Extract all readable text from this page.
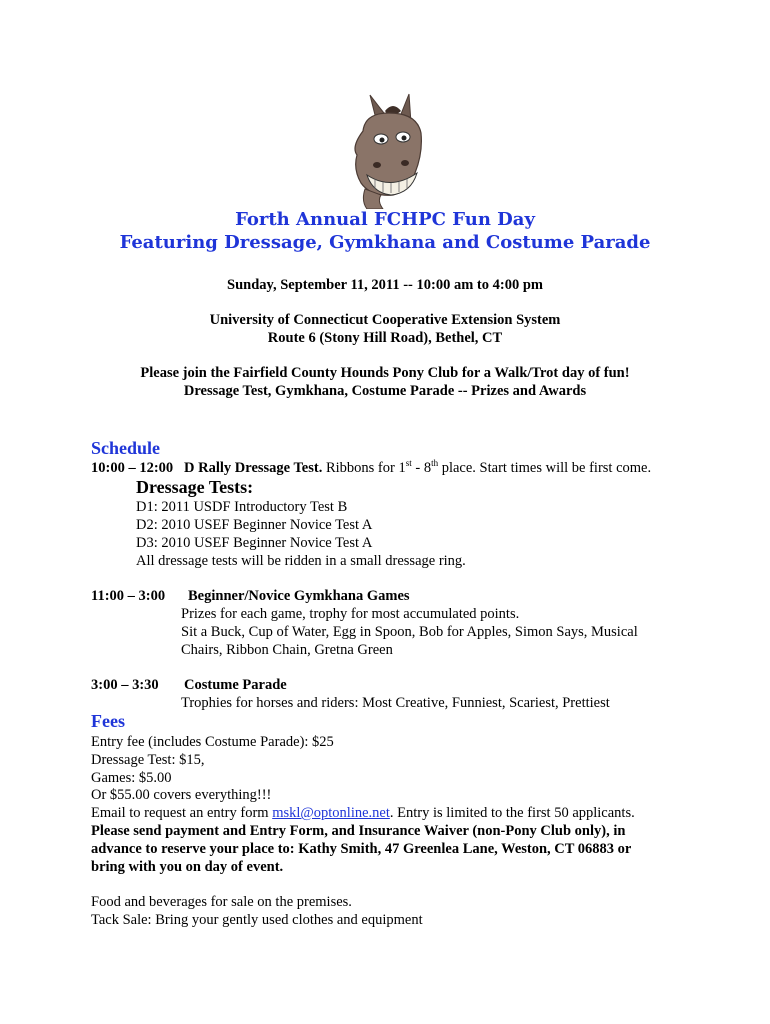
Forth Annual FCHPC Fun Day
Featuring Dressage, Gymkhana and Costume Parade
Sunday, September 11, 2011 -- 10:00 am to 4:00 pm
University of Connecticut Cooperative Extension System
Route 6 (Stony Hill Road), Bethel, CT
Please join the Fairfield County Hounds Pony Club for a Walk/Trot day of fun!
Dressage Test, Gymkhana, Costume Parade -- Prizes and Awards
Schedule
10:00 – 12:00 D Rally Dressage Test. Ribbons for 1st - 8th place. Start times will be first come.
Dressage Tests:
D1: 2011 USDF Introductory Test B
D2: 2010 USEF Beginner Novice Test A
D3: 2010 USEF Beginner Novice Test A
All dressage tests will be ridden in a small dressage ring.
11:00 – 3:00 Beginner/Novice Gymkhana Games
Prizes for each game, trophy for most accumulated points.
Sit a Buck, Cup of Water, Egg in Spoon, Bob for Apples, Simon Says, Musical
Chairs, Ribbon Chain, Gretna Green
3:00 – 3:30 Costume Parade
Trophies for horses and riders: Most Creative, Funniest, Scariest, Prettiest
Fees
Entry fee (includes Costume Parade): $25
Dressage Test: $15,
Games: $5.00
Or $55.00 covers everything!!!
Email to request an entry form mskl@optonline.net. Entry is limited to the first 50 applicants.
Please send payment and Entry Form, and Insurance Waiver (non-Pony Club only), in
advance to reserve your place to: Kathy Smith, 47 Greenlea Lane, Weston, CT 06883 or
bring with you on day of event.
Food and beverages for sale on the premises.
Tack Sale: Bring your gently used clothes and equipment
